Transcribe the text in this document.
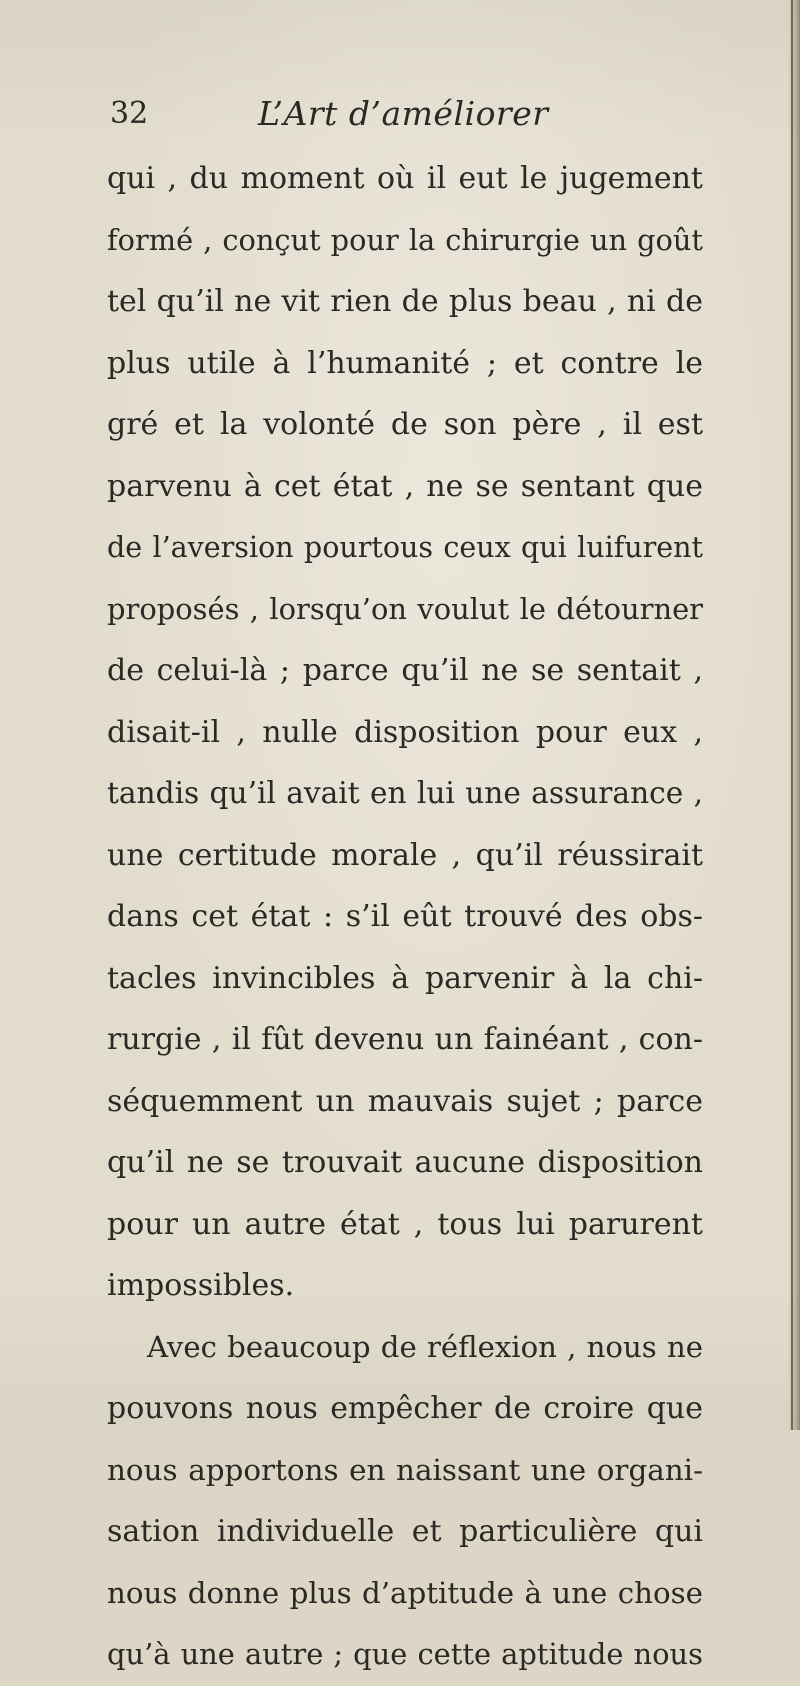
32	L’Art d’améliorer
qui , du moment où il eut le jugement
formé , conçut pour la chirurgie un goût
tel qu’il ne vit rien de plus beau , ni de
plus utile à l’humanité ; et contre le
gré et la volonté de son père , il est
parvenu à cet état , ne se sentant que
de l’aversion pourtous ceux qui luifurent
proposés , lorsqu’on voulut le détourner
de celui-là ; parce qu’il ne se sentait ,
disait-il , nulle disposition pour eux ,
tandis qu’il avait en lui une assurance ,
une certitude morale , qu’il réussirait
dans cet état : s’il eût trouvé des obs-
tacles invincibles à parvenir à la chi-
rurgie , il fût devenu un fainéant , con-
séquemment un mauvais sujet ; parce
qu’il ne se trouvait aucune disposition
pour un autre état , tous lui parurent
impossibles.
Avec beaucoup de réflexion , nous ne
pouvons nous empêcher de croire que
nous apportons en naissant une organi-
sation individuelle et particulière qui
nous donne plus d’aptitude à une chose
qu’à une autre ; que cette aptitude nous
